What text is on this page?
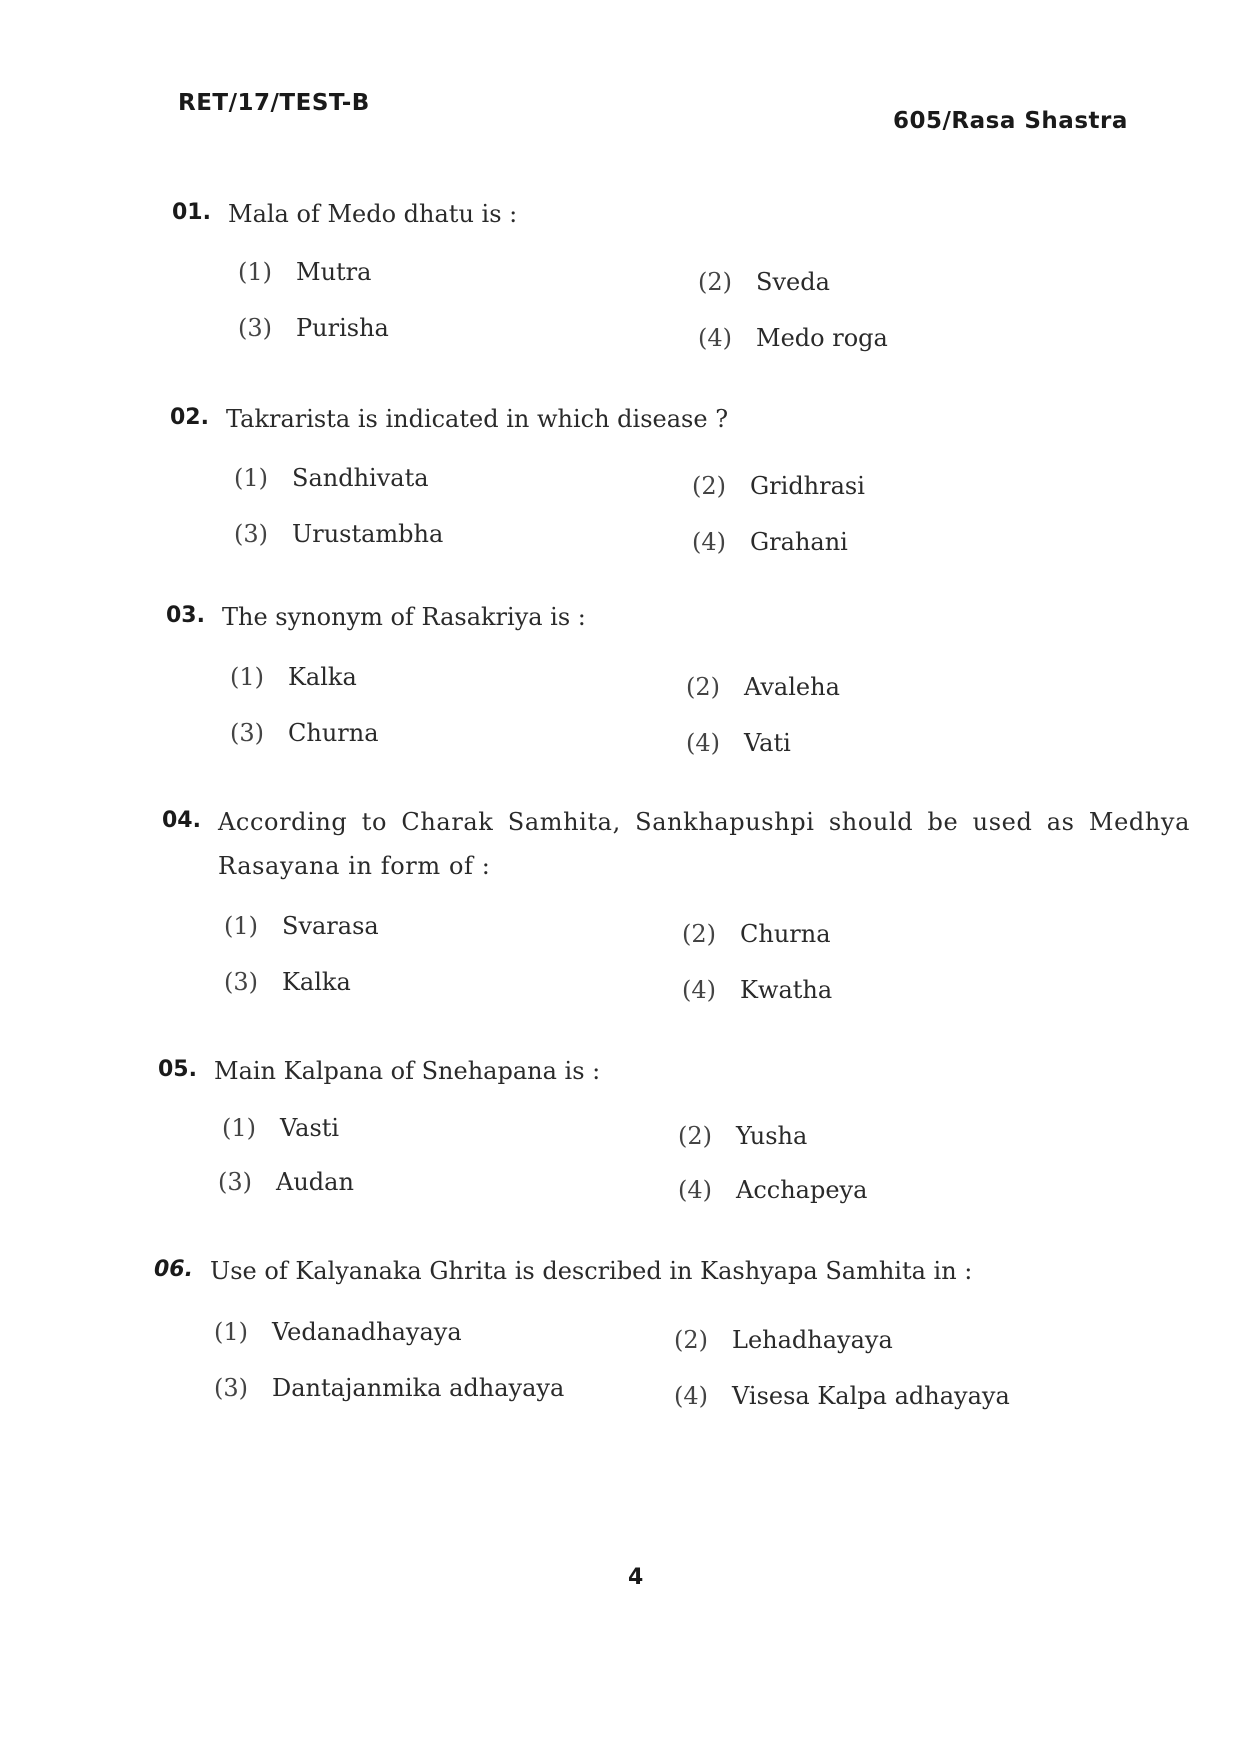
RET/17/TEST-B
605/Rasa Shastra
01. Mala of Medo dhatu is :
(1) Mutra	(2) Sveda
(3) Purisha	(4) Medo roga
02. Takrarista is indicated in which disease ?
(1) Sandhivata	(2) Gridhrasi
(3) Urustambha	(4) Grahani
03. The synonym of Rasakriya is :
(1) Kalka	(2) Avaleha
(3) Churna	(4) Vati
04. According to Charak Samhita, Sankhapushpi should be used as Medhya Rasayana in form of :
(1) Svarasa	(2) Churna
(3) Kalka	(4) Kwatha
05. Main Kalpana of Snehapana is :
(1) Vasti	(2) Yusha
(3) Audan	(4) Acchapeya
06. Use of Kalyanaka Ghrita is described in Kashyapa Samhita in :
(1) Vedanadhayaya	(2) Lehadhayaya
(3) Dantajanmika adhayaya	(4) Visesa Kalpa adhayaya
4
